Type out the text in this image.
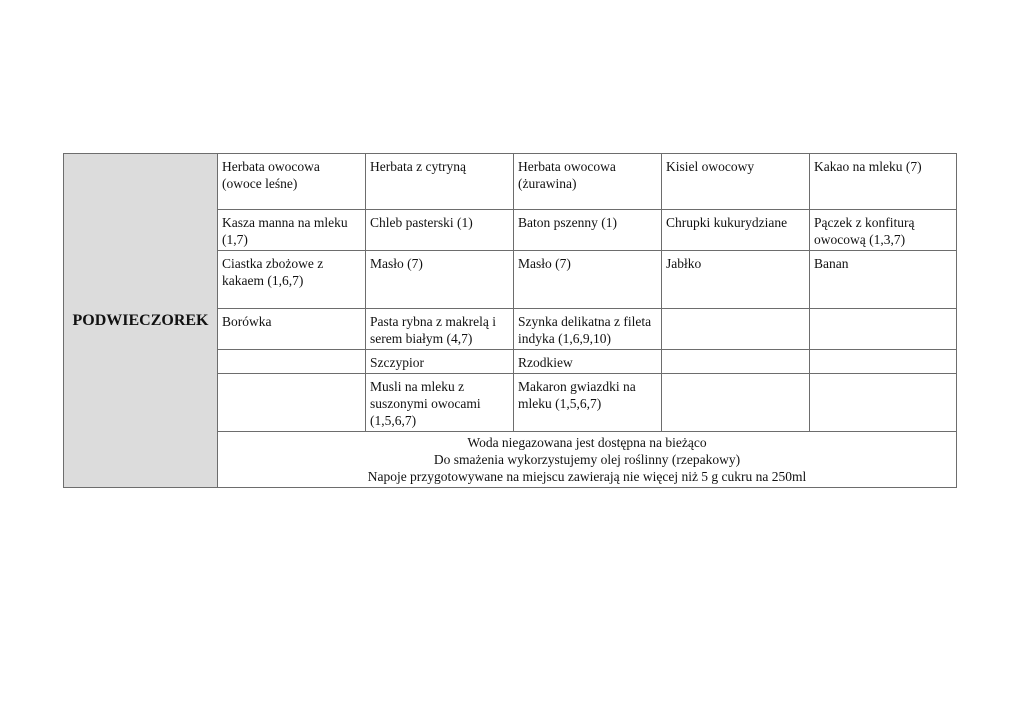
PODWIECZOREK	Herbata owocowa (owoce leśne)	Herbata z cytryną	Herbata owocowa (żurawina)	Kisiel owocowy	Kakao na mleku (7)
	Kasza manna na mleku (1,7)	Chleb pasterski (1)	Baton pszenny (1)	Chrupki kukurydziane	Pączek z konfiturą owocową (1,3,7)
	Ciastka zbożowe z kakaem (1,6,7)	Masło (7)	Masło (7)	Jabłko	Banan
	Borówka	Pasta rybna z makrelą i serem białym (4,7)	Szynka delikatna z fileta indyka (1,6,9,10)		
		Szczypior	Rzodkiew		
		Musli na mleku z suszonymi owocami (1,5,6,7)	Makaron gwiazdki na mleku (1,5,6,7)		

	Woda niegazowana jest dostępna na bieżąco
Do smażenia wykorzystujemy olej roślinny (rzepakowy)
Napoje przygotowywane na miejscu zawierają nie więcej niż 5 g cukru na 250ml				
